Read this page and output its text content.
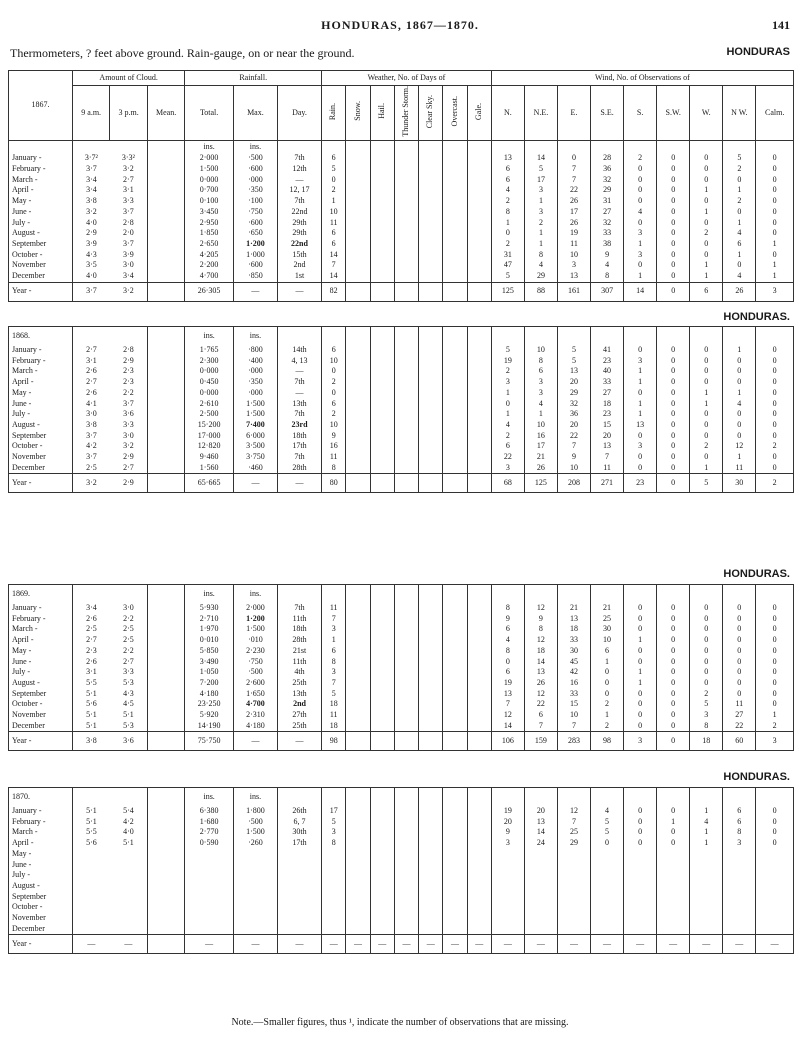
HONDURAS, 1867—1870.	141
Thermometers, ? feet above ground. Rain-gauge, on or near the ground.	HONDURAS
1867.	Amount of Cloud.			Rainfall.			Weather, No. of Days of							Wind, No. of Observations of								
	9 a.m.	3 p.m.	Mean.	Total.	Max.	Day.	Rain.	Snow.	Hail.	Thunder Storm.	Clear Sky.	Overcast.	Gale.	N.	N.E.	E.	S.E.	S.	S.W.	W.	N W.	Calm.
				ins.	ins.																	
January -	3·7²	3·3²		2·000	·500	7th	6							13	14	0	28	2	0	0	5	0
February -	3·7	3·2		1·500	·600	12th	5							6	5	7	36	0	0	0	2	0
March -	3·4	2·7		0·000	·000	—	0							6	17	7	32	0	0	0	0	0
April -	3·4	3·1		0·700	·350	12, 17	2							4	3	22	29	0	0	1	1	0
May -	3·8	3·3		0·100	·100	7th	1							2	1	26	31	0	0	0	2	0
June -	3·2	3·7		3·450	·750	22nd	10							8	3	17	27	4	0	1	0	0
July -	4·0	2·8		2·950	·600	29th	11							1	2	26	32	0	0	0	1	0
August -	2·9	2·0		1·850	·650	29th	6							0	1	19	33	3	0	2	4	0
September	3·9	3·7		2·650	1·200	22nd	6							2	1	11	38	1	0	0	6	1
October -	4·3	3·9		4·205	1·000	15th	14							31	8	10	9	3	0	0	1	0
November	3·5	3·0		2·200	·600	2nd	7							47	4	3	4	0	0	1	0	1
December	4·0	3·4		4·700	·850	1st	14							5	29	13	8	1	0	1	4	1
Year -	3·7	3·2		26·305	—	—	82							125	88	161	307	14	0	6	26	3
HONDURAS.
1868.				ins.	ins.																	
January -	2·7	2·8		1·765	·800	14th	6							5	10	5	41	0	0	0	1	0
February -	3·1	2·9		2·300	·400	4, 13	10							19	8	5	23	3	0	0	0	0
March -	2·6	2·3		0·000	·000	—	0							2	6	13	40	1	0	0	0	0
April -	2·7	2·3		0·450	·350	7th	2							3	3	20	33	1	0	0	0	0
May -	2·6	2·2		0·000	·000	—	0							1	3	29	27	0	0	1	1	0
June -	4·1	3·7		2·610	1·500	13th	6							0	4	32	18	1	0	1	4	0
July -	3·0	3·6		2·500	1·500	7th	2							1	1	36	23	1	0	0	0	0
August -	3·8	3·3		15·200	7·400	23rd	10							4	10	20	15	13	0	0	0	0
September	3·7	3·0		17·000	6·000	18th	9							2	16	22	20	0	0	0	0	0
October -	4·2	3·2		12·820	3·500	17th	16							6	17	7	13	3	0	2	12	2
November	3·7	2·9		9·460	3·750	7th	11							22	21	9	7	0	0	0	1	0
December	2·5	2·7		1·560	·460	28th	8							3	26	10	11	0	0	1	11	0
Year -	3·2	2·9		65·665	—	—	80							68	125	208	271	23	0	5	30	2
HONDURAS.
1869.				ins.	ins.																	
January -	3·4	3·0		5·930	2·000	7th	11							8	12	21	21	0	0	0	0	0
February -	2·6	2·2		2·710	1·200	11th	7							9	9	13	25	0	0	0	0	0
March -	2·5	2·5		1·970	1·500	18th	3							6	8	18	30	0	0	0	0	0
April -	2·7	2·5		0·010	·010	28th	1							4	12	33	10	1	0	0	0	0
May -	2·3	2·2		5·850	2·230	21st	6							8	18	30	6	0	0	0	0	0
June -	2·6	2·7		3·490	·750	11th	8							0	14	45	1	0	0	0	0	0
July -	3·1	3·3		1·050	·500	4th	3							6	13	42	0	1	0	0	0	0
August -	5·5	5·3		7·200	2·600	25th	7							19	26	16	0	1	0	0	0	0
September	5·1	4·3		4·180	1·650	13th	5							13	12	33	0	0	0	2	0	0
October -	5·6	4·5		23·250	4·700	2nd	18							7	22	15	2	0	0	5	11	0
November	5·1	5·1		5·920	2·310	27th	11							12	6	10	1	0	0	3	27	1
December	5·1	5·3		14·190	4·180	25th	18							14	7	7	2	0	0	8	22	2
Year -	3·8	3·6		75·750	—	—	98							106	159	283	98	3	0	18	60	3
HONDURAS.
1870.				ins.	ins.																	
January -	5·1	5·4		6·380	1·800	26th	17							19	20	12	4	0	0	1	6	0
February -	5·1	4·2		1·680	·500	6, 7	5							20	13	7	5	0	1	4	6	0
March -	5·5	4·0		2·770	1·500	30th	3							9	14	25	5	0	0	1	8	0
April -	5·6	5·1		0·590	·260	17th	8							3	24	29	0	0	0	1	3	0
May -																						
June -																						
July -																						
August -																						
September																						
October -																						
November																						
December																						
Year -	—	—		—	—	—	—	—	—	—	—	—	—	—	—	—	—	—	—	—	—	—
Note.—Smaller figures, thus ¹, indicate the number of observations that are missing.
